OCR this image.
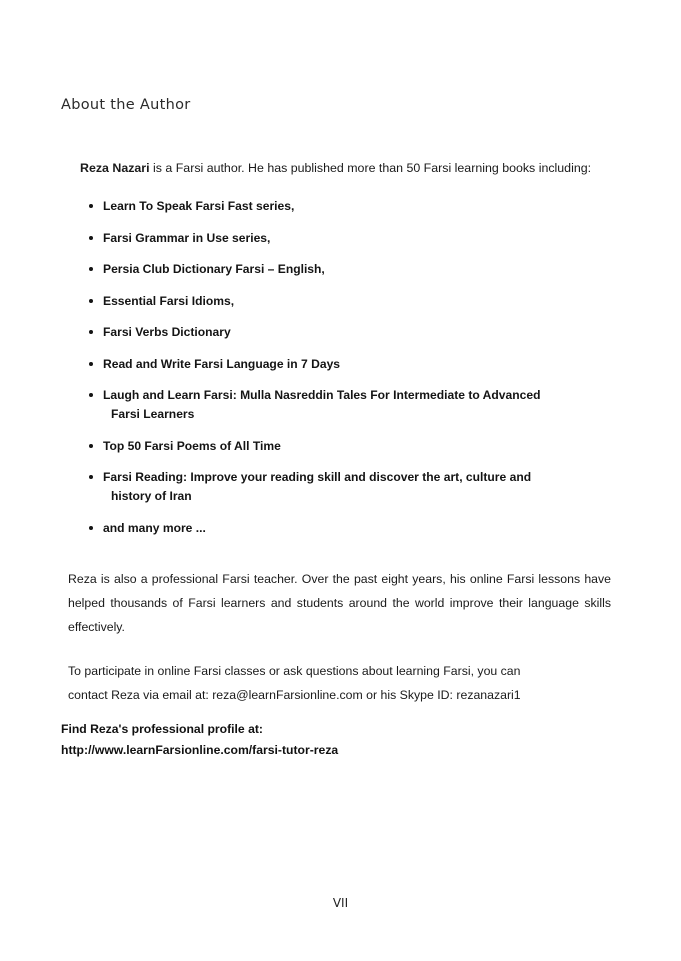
About the Author

Reza Nazari is a Farsi author. He has published more than 50 Farsi learning books including:

Learn To Speak Farsi Fast series,
Farsi Grammar in Use series,
Persia Club Dictionary Farsi – English,
Essential Farsi Idioms,
Farsi Verbs Dictionary
Read and Write Farsi Language in 7 Days
Laugh and Learn Farsi: Mulla Nasreddin Tales For Intermediate to Advanced
Farsi Learners
Top 50 Farsi Poems of All Time
Farsi Reading: Improve your reading skill and discover the art, culture and
history of Iran
and many more ...

Reza is also a professional Farsi teacher. Over the past eight years, his online Farsi lessons have helped thousands of Farsi learners and students around the world improve their language skills effectively.

To participate in online Farsi classes or ask questions about learning Farsi, you can
contact Reza via email at: reza@learnFarsionline.com or his Skype ID: rezanazari1

Find Reza's professional profile at:
http://www.learnFarsionline.com/farsi-tutor-reza
VII
